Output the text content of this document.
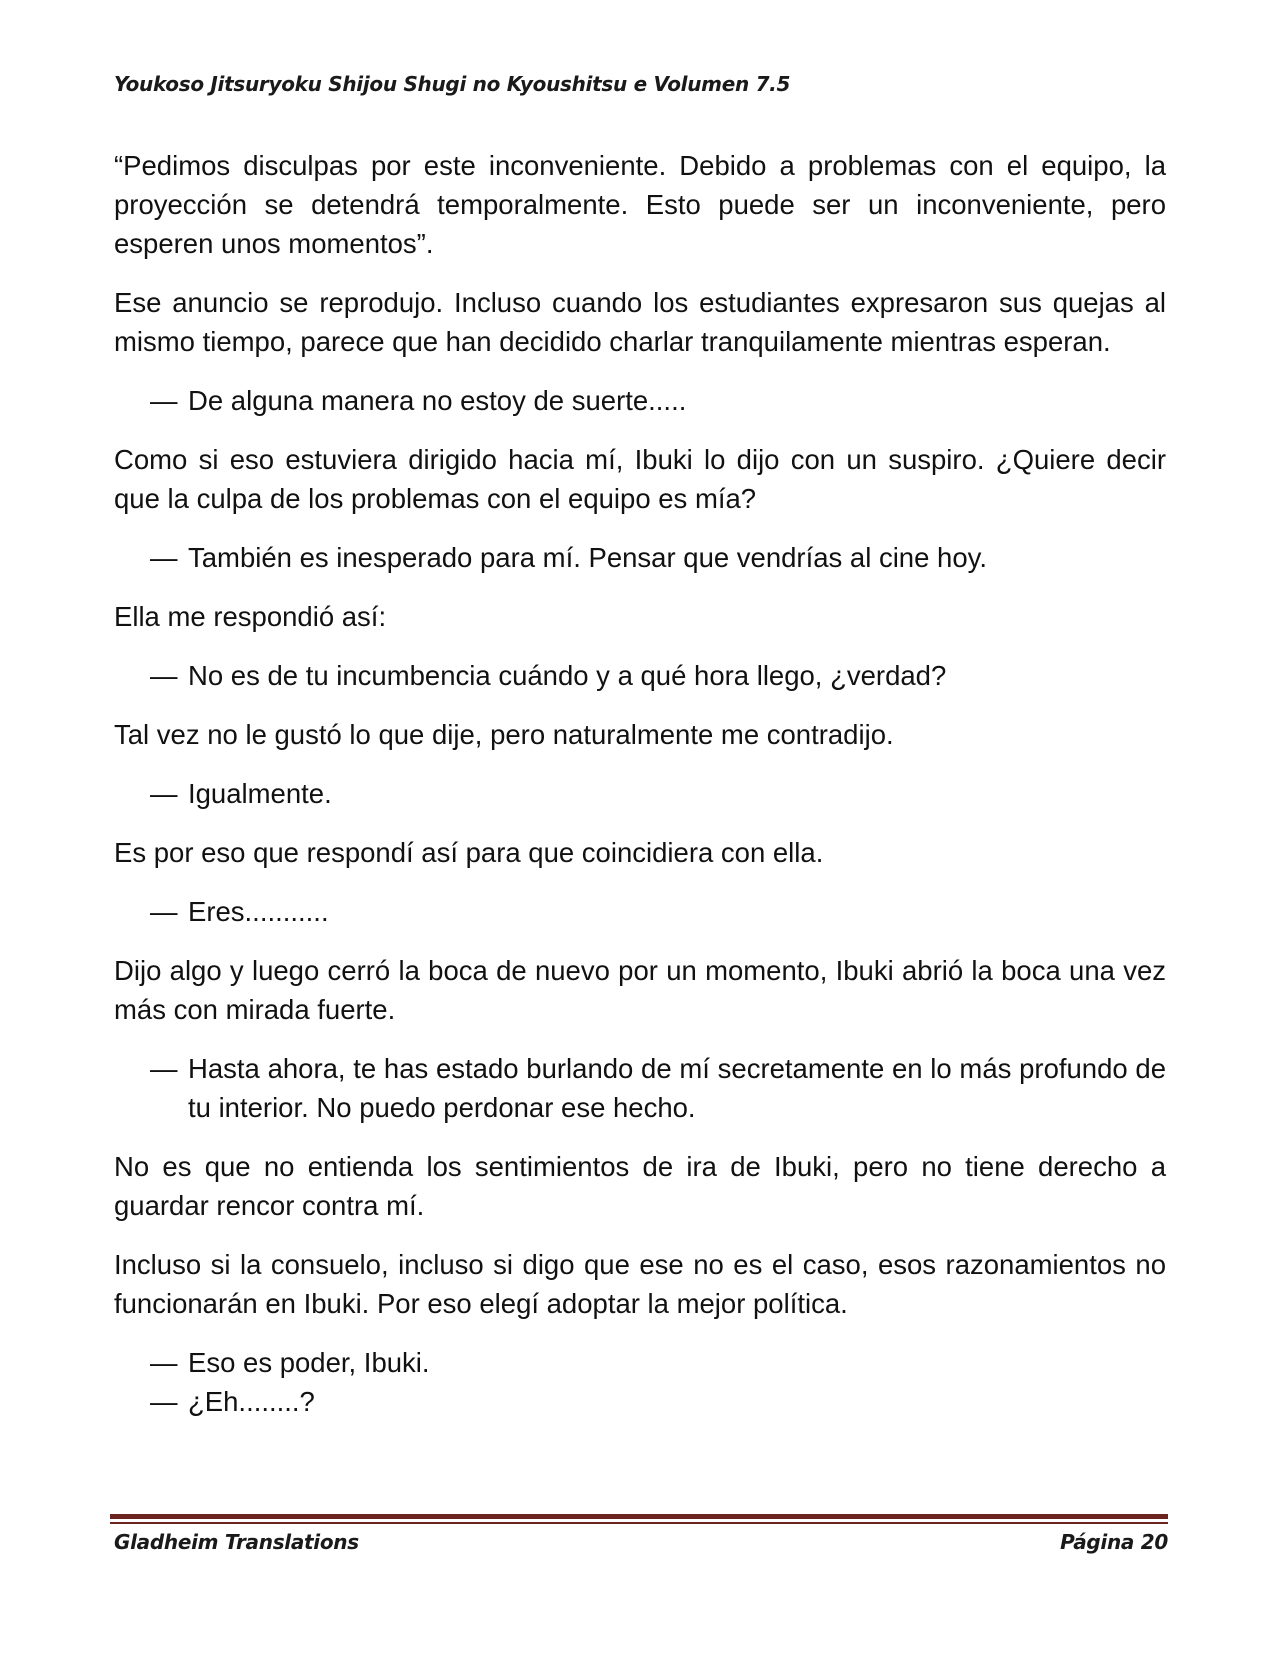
Youkoso Jitsuryoku Shijou Shugi no Kyoushitsu e Volumen 7.5

“Pedimos disculpas por este inconveniente. Debido a problemas con el equipo, la proyección se detendrá temporalmente. Esto puede ser un inconveniente, pero esperen unos momentos”.

Ese anuncio se reprodujo. Incluso cuando los estudiantes expresaron sus quejas al mismo tiempo, parece que han decidido charlar tranquilamente mientras esperan.

— De alguna manera no estoy de suerte.....

Como si eso estuviera dirigido hacia mí, Ibuki lo dijo con un suspiro. ¿Quiere decir que la culpa de los problemas con el equipo es mía?

— También es inesperado para mí. Pensar que vendrías al cine hoy.

Ella me respondió así:

— No es de tu incumbencia cuándo y a qué hora llego, ¿verdad?

Tal vez no le gustó lo que dije, pero naturalmente me contradijo.

— Igualmente.

Es por eso que respondí así para que coincidiera con ella.

— Eres...........

Dijo algo y luego cerró la boca de nuevo por un momento, Ibuki abrió la boca una vez más con mirada fuerte.

— Hasta ahora, te has estado burlando de mí secretamente en lo más profundo de tu interior. No puedo perdonar ese hecho.

No es que no entienda los sentimientos de ira de Ibuki, pero no tiene derecho a guardar rencor contra mí.

Incluso si la consuelo, incluso si digo que ese no es el caso, esos razonamientos no funcionarán en Ibuki. Por eso elegí adoptar la mejor política.

— Eso es poder, Ibuki.

— ¿Eh........?

Gladheim Translations	Página 20
